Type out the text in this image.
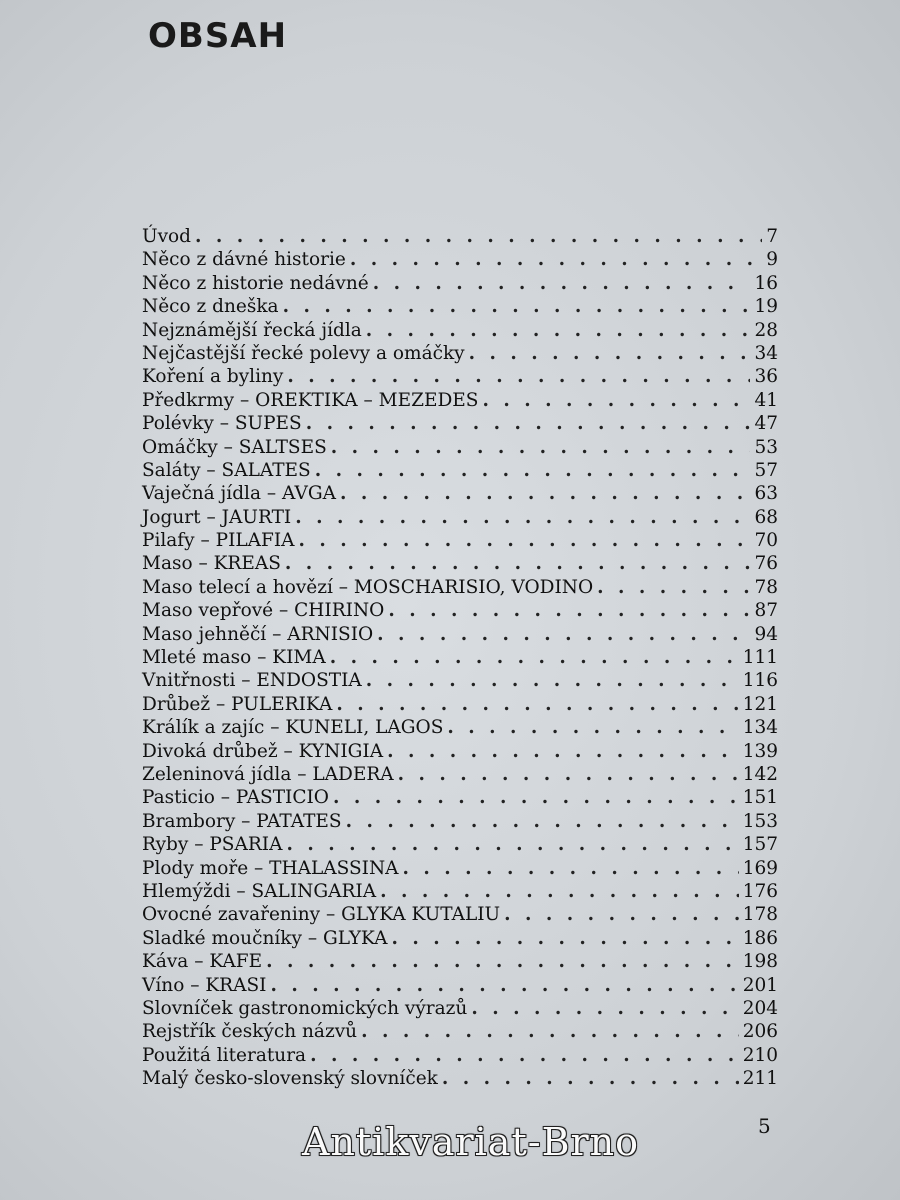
OBSAH
Úvod . . .	7
Něco z dávné historie . . .	9
Něco z historie nedávné . . .	16
Něco z dneška . . .	19
Nejznámější řecká jídla . . .	28
Nejčastější řecké polevy a omáčky . . .	34
Koření a byliny . . .	36
Předkrmy – OREKTIKA – MEZEDES . . .	41
Polévky – SUPES . . .	47
Omáčky – SALTSES . . .	53
Saláty – SALATES . . .	57
Vaječná jídla – AVGA . . .	63
Jogurt – JAURTI . . .	68
Pilafy – PILAFIA . . .	70
Maso – KREAS . . .	76
Maso telecí a hovězí – MOSCHARISIO, VODINO . . .	78
Maso vepřové – CHIRINO . . .	87
Maso jehněčí – ARNISIO . . .	94
Mleté maso – KIMA . . .	111
Vnitřnosti – ENDOSTIA . . .	116
Drůbež – PULERIKA . . .	121
Králík a zajíc – KUNELI, LAGOS . . .	134
Divoká drůbež – KYNIGIA . . .	139
Zeleninová jídla – LADERA . . .	142
Pasticio – PASTICIO . . .	151
Brambory – PATATES . . .	153
Ryby – PSARIA . . .	157
Plody moře – THALASSINA . . .	169
Hlemýždi – SALINGARIA . . .	176
Ovocné zavařeniny – GLYKA KUTALIU . . .	178
Sladké moučníky – GLYKA . . .	186
Káva – KAFE . . .	198
Víno – KRASI . . .	201
Slovníček gastronomických výrazů . . .	204
Rejstřík českých názvů . . .	206
Použitá literatura . . .	210
Malý česko-slovenský slovníček . . .	211
5
Antikvariat-Brno
